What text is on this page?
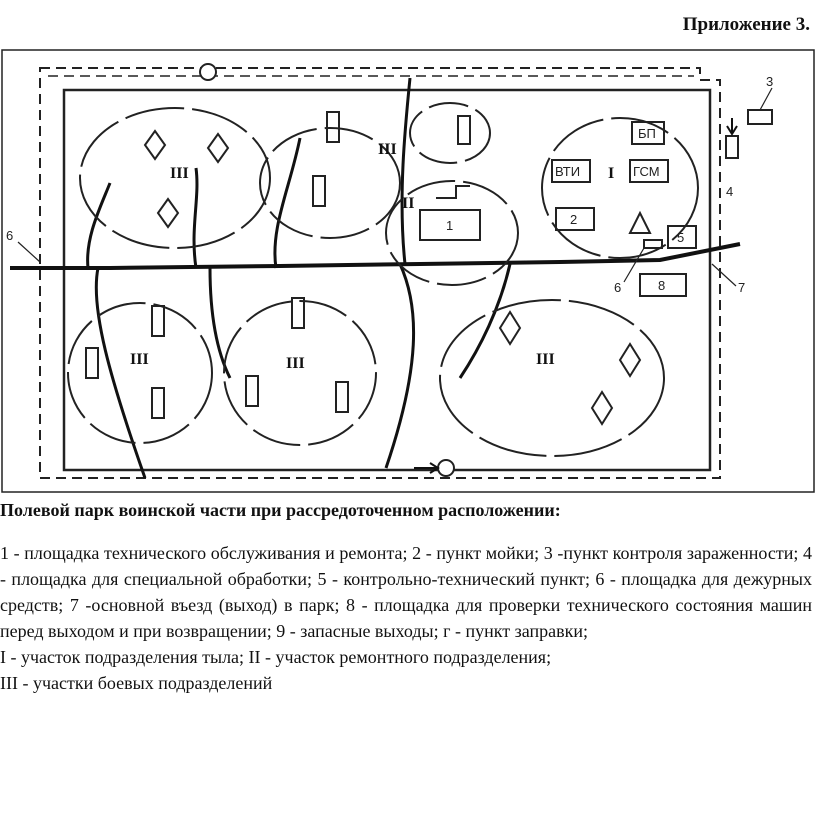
Приложение 3.
III
III
1
II
БП
ВТИ	ГСМ
2
I
5
8
3
4
7
6
6
III	III	III
Полевой парк воинской части при рассредоточенном расположении:

1 - площадка технического обслуживания и ремонта; 2 - пункт мойки; 3 -пункт контроля зараженности; 4 - площадка для специальной обработки; 5 - контрольно-технический пункт; 6 - площадка для дежурных средств; 7 -основной въезд (выход) в парк; 8 - площадка для проверки технического состояния машин перед выходом и при возвращении; 9 - запасные выходы; г - пункт заправки;

I - участок подразделения тыла; II - участок ремонтного подразделения;

III - участки боевых подразделений
